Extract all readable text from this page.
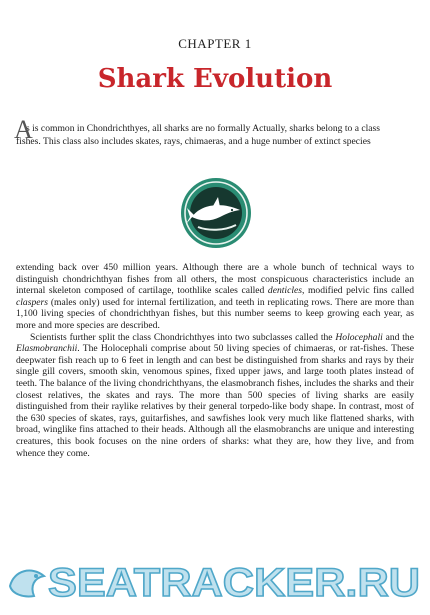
CHAPTER 1
Shark Evolution
A
s is common in Chondrichthyes, all sharks are no formally Actually, sharks belong to a class
fishes. This class also includes skates, rays, chimaeras, and a huge number of extinct species

extending back over 450 million years. Although there are a whole bunch of technical ways to distinguish chondrichthyan fishes from all others, the most conspicuous characteristics include an internal skeleton composed of cartilage, toothlike scales called denticles, modified pelvic fins called claspers (males only) used for internal fertilization, and teeth in replicating rows. There are more than 1,100 living species of chondrichthyan fishes, but this number seems to keep growing each year, as more and more species are described.

Scientists further split the class Chondrichthyes into two subclasses called the Holocephali and the Elasmobranchii. The Holocephali comprise about 50 living species of chimaeras, or rat-fishes. These deepwater fish reach up to 6 feet in length and can best be distinguished from sharks and rays by their single gill covers, smooth skin, venomous spines, fixed upper jaws, and large tooth plates instead of teeth. The balance of the living chondrichthyans, the elasmobranch fishes, includes the sharks and their closest relatives, the skates and rays. The more than 500 species of living sharks are easily distinguished from their raylike relatives by their general torpedo-like body shape. In contrast, most of the 630 species of skates, rays, guitarfishes, and sawfishes look very much like flattened sharks, with broad, winglike fins attached to their heads. Although all the elasmobranchs are unique and interesting creatures, this book focuses on the nine orders of sharks: what they are, how they live, and from whence they come.

SEATRACKER.RU
